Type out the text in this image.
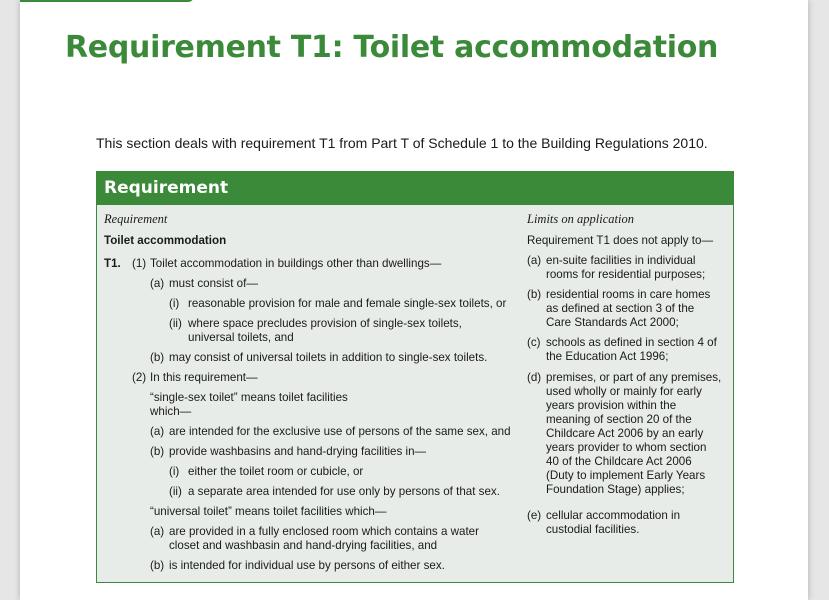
Requirement T1: Toilet accommodation
This section deals with requirement T1 from Part T of Schedule 1 to the Building Regulations 2010.
Requirement
Requirement
Toilet accommodation
T1. (1) Toilet accommodation in buildings other than dwellings—
(a) must consist of—
(i) reasonable provision for male and female single-sex toilets, or
(ii) where space precludes provision of single-sex toilets,
universal toilets, and
(b) may consist of universal toilets in addition to single-sex toilets.
(2) In this requirement—
“single-sex toilet” means toilet facilities
which—
(a) are intended for the exclusive use of persons of the same sex, and
(b) provide washbasins and hand-drying facilities in—
(i) either the toilet room or cubicle, or
(ii) a separate area intended for use only by persons of that sex.
“universal toilet” means toilet facilities which—
(a) are provided in a fully enclosed room which contains a water
closet and washbasin and hand-drying facilities, and
(b) is intended for individual use by persons of either sex.
Limits on application
Requirement T1 does not apply to—
(a) en-suite facilities in individual
rooms for residential purposes;
(b) residential rooms in care homes
as defined at section 3 of the
Care Standards Act 2000;
(c) schools as defined in section 4 of
the Education Act 1996;
(d) premises, or part of any premises,
used wholly or mainly for early
years provision within the
meaning of section 20 of the
Childcare Act 2006 by an early
years provider to whom section
40 of the Childcare Act 2006
(Duty to implement Early Years
Foundation Stage) applies;
(e) cellular accommodation in
custodial facilities.
